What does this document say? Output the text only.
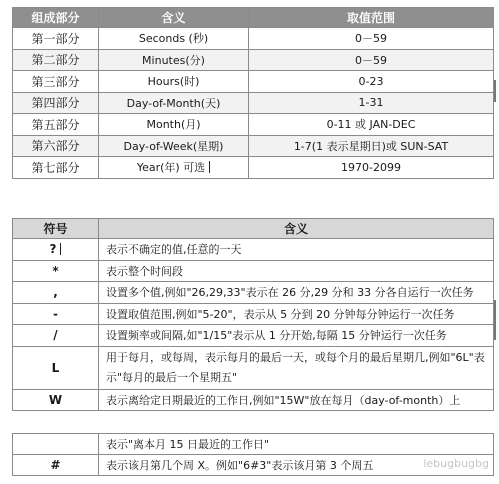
组成部分	含义	取值范围
第一部分	Seconds (秒)	0－59
第二部分	Minutes(分)	0－59
第三部分	Hours(时)	0-23
第四部分	Day-of-Month(天)	1-31
第五部分	Month(月)	0-11 或 JAN-DEC
第六部分	Day-of-Week(星期)	1-7(1 表示星期日)或 SUN-SAT
第七部分	Year(年) 可选	1970-2099
符号	含义
?	表示不确定的值,任意的一天
*	表示整个时间段
,	设置多个值,例如"26,29,33"表示在 26 分,29 分和 33 分各自运行一次任务
-	设置取值范围,例如"5-20"，表示从 5 分到 20 分钟每分钟运行一次任务
/	设置频率或间隔,如"1/15"表示从 1 分开始,每隔 15 分钟运行一次任务
L	用于每月，或每周，表示每月的最后一天，或每个月的最后星期几,例如"6L"表示"每月的最后一个星期五"
W	表示离给定日期最近的工作日,例如"15W"放在每月（day-of-month）上
	表示"离本月 15 日最近的工作日"
#	表示该月第几个周 X。例如"6#3"表示该月第 3 个周五	lebugbugbg
